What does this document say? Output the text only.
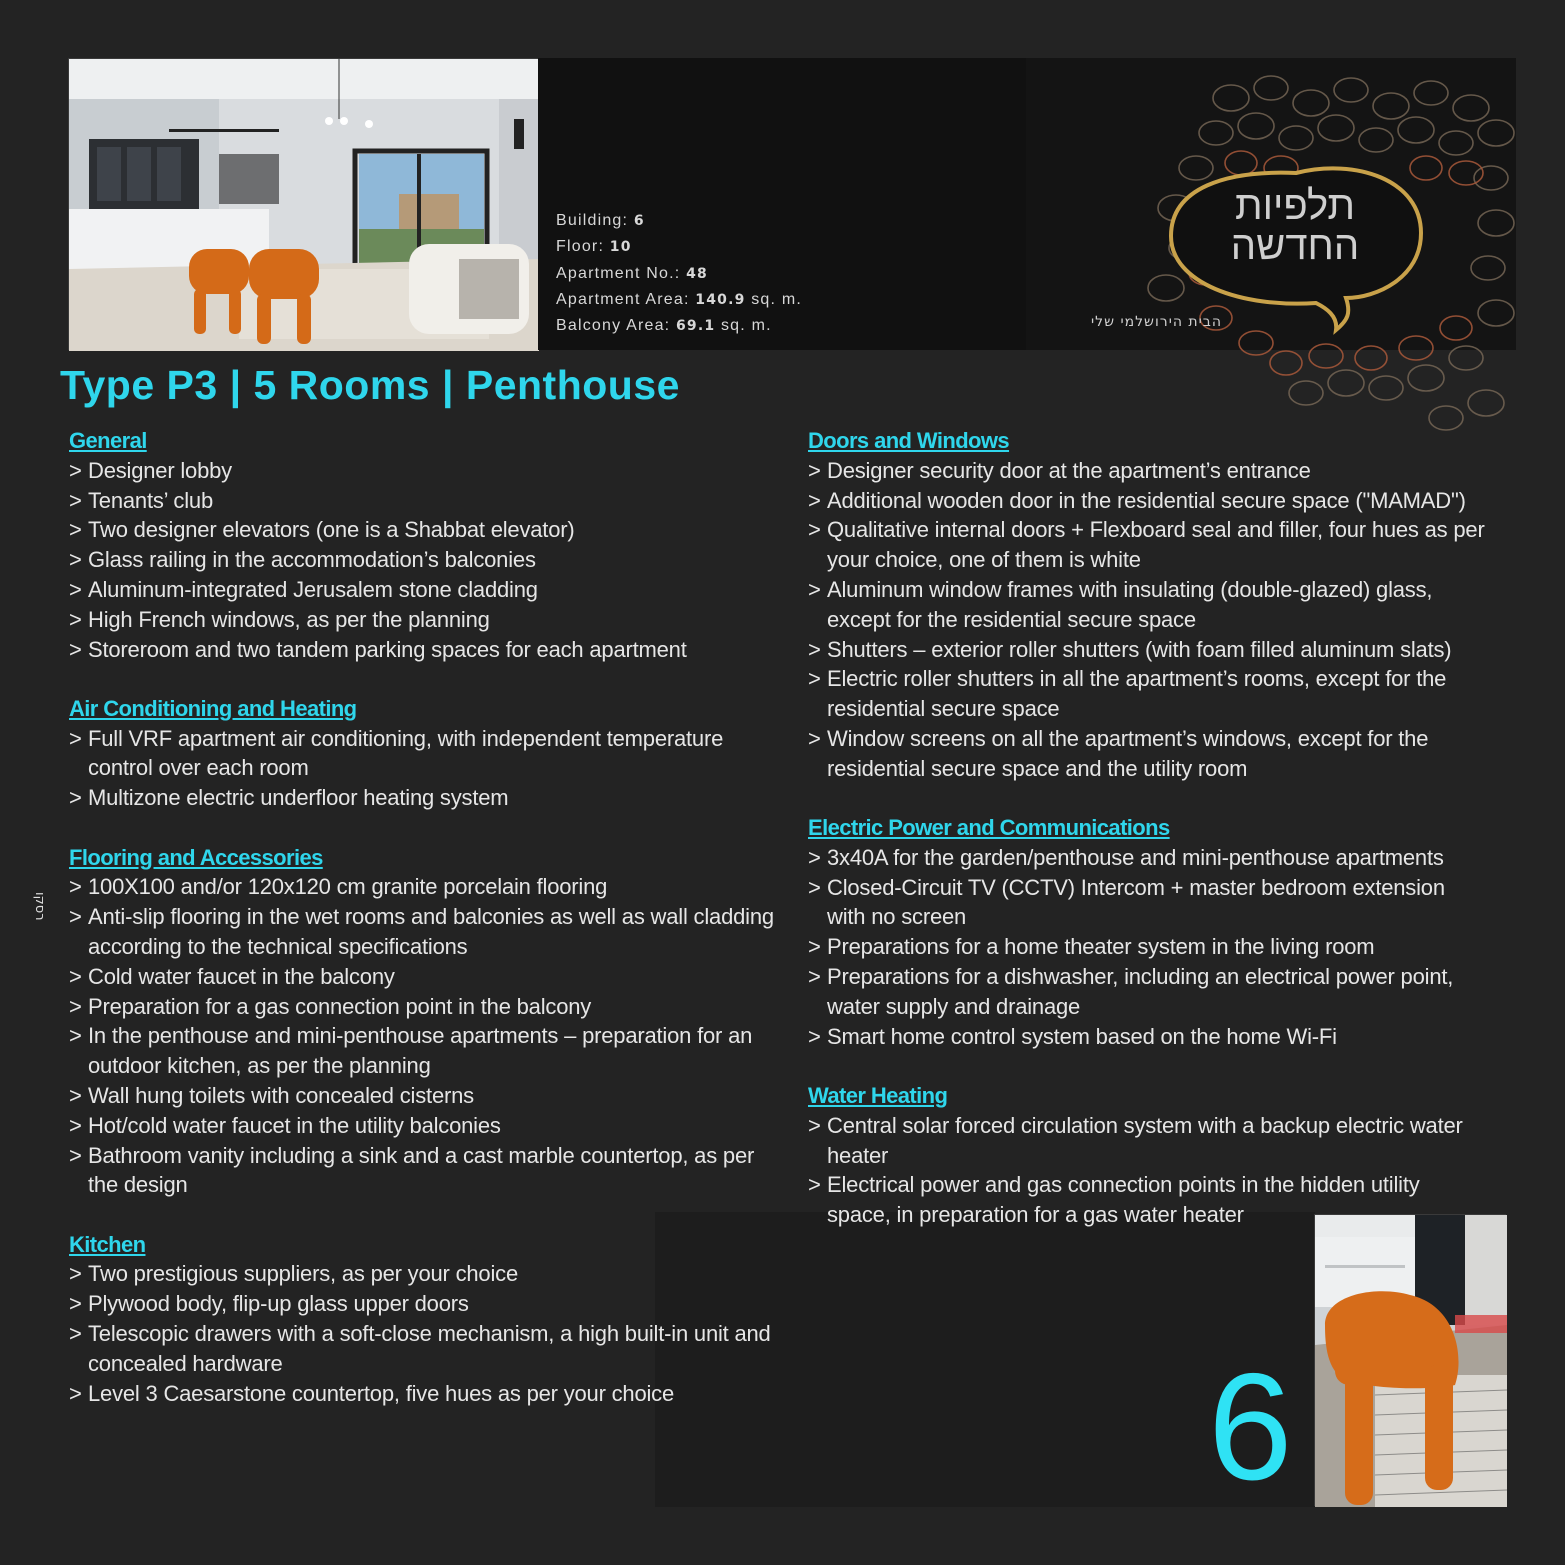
Building: 6
Floor: 10
Apartment No.: 48
Apartment Area: 140.9 sq. m.
Balcony Area: 69.1 sq. m.
תלפיות
החדשה
הבית הירושלמי שלי
Type P3 | 5 Rooms | Penthouse
General
> Designer lobby
> Tenants’ club
> Two designer elevators (one is a Shabbat elevator)
> Glass railing in the accommodation’s balconies
> Aluminum-integrated Jerusalem stone cladding
> High French windows, as per the planning
> Storeroom and two tandem parking spaces for each apartment
Air Conditioning and Heating
> Full VRF apartment air conditioning, with independent temperature control over each room
> Multizone electric underfloor heating system
Flooring and Accessories
> 100X100 and/or 120x120 cm granite porcelain flooring
> Anti-slip flooring in the wet rooms and balconies as well as wall cladding according to the technical specifications
> Cold water faucet in the balcony
> Preparation for a gas connection point in the balcony
> In the penthouse and mini-penthouse apartments – preparation for an outdoor kitchen, as per the planning
> Wall hung toilets with concealed cisterns
> Hot/cold water faucet in the utility balconies
> Bathroom vanity including a sink and a cast marble countertop, as per the design
Kitchen
> Two prestigious suppliers, as per your choice
> Plywood body, flip-up glass upper doors
> Telescopic drawers with a soft-close mechanism, a high built-in unit and concealed hardware
> Level 3 Caesarstone countertop, five hues as per your choice
Doors and Windows
> Designer security door at the apartment’s entrance
> Additional wooden door in the residential secure space ("MAMAD")
> Qualitative internal doors + Flexboard seal and filler, four hues as per your choice, one of them is white
> Aluminum window frames with insulating (double-glazed) glass, except for the residential secure space
> Shutters – exterior roller shutters (with foam filled aluminum slats)
> Electric roller shutters in all the apartment’s rooms, except for the residential secure space
> Window screens on all the apartment’s windows, except for the residential secure space and the utility room
Electric Power and Communications
> 3x40A for the garden/penthouse and mini-penthouse apartments
> Closed-Circuit TV (CCTV) Intercom + master bedroom extension with no screen
> Preparations for a home theater system in the living room
> Preparations for a dishwasher, including an electrical power point, water supply and drainage
> Smart home control system based on the home Wi-Fi
Water Heating
> Central solar forced circulation system with a backup electric water heater
> Electrical power and gas connection points in the hidden utility space, in preparation for a gas water heater
רסקו
6
